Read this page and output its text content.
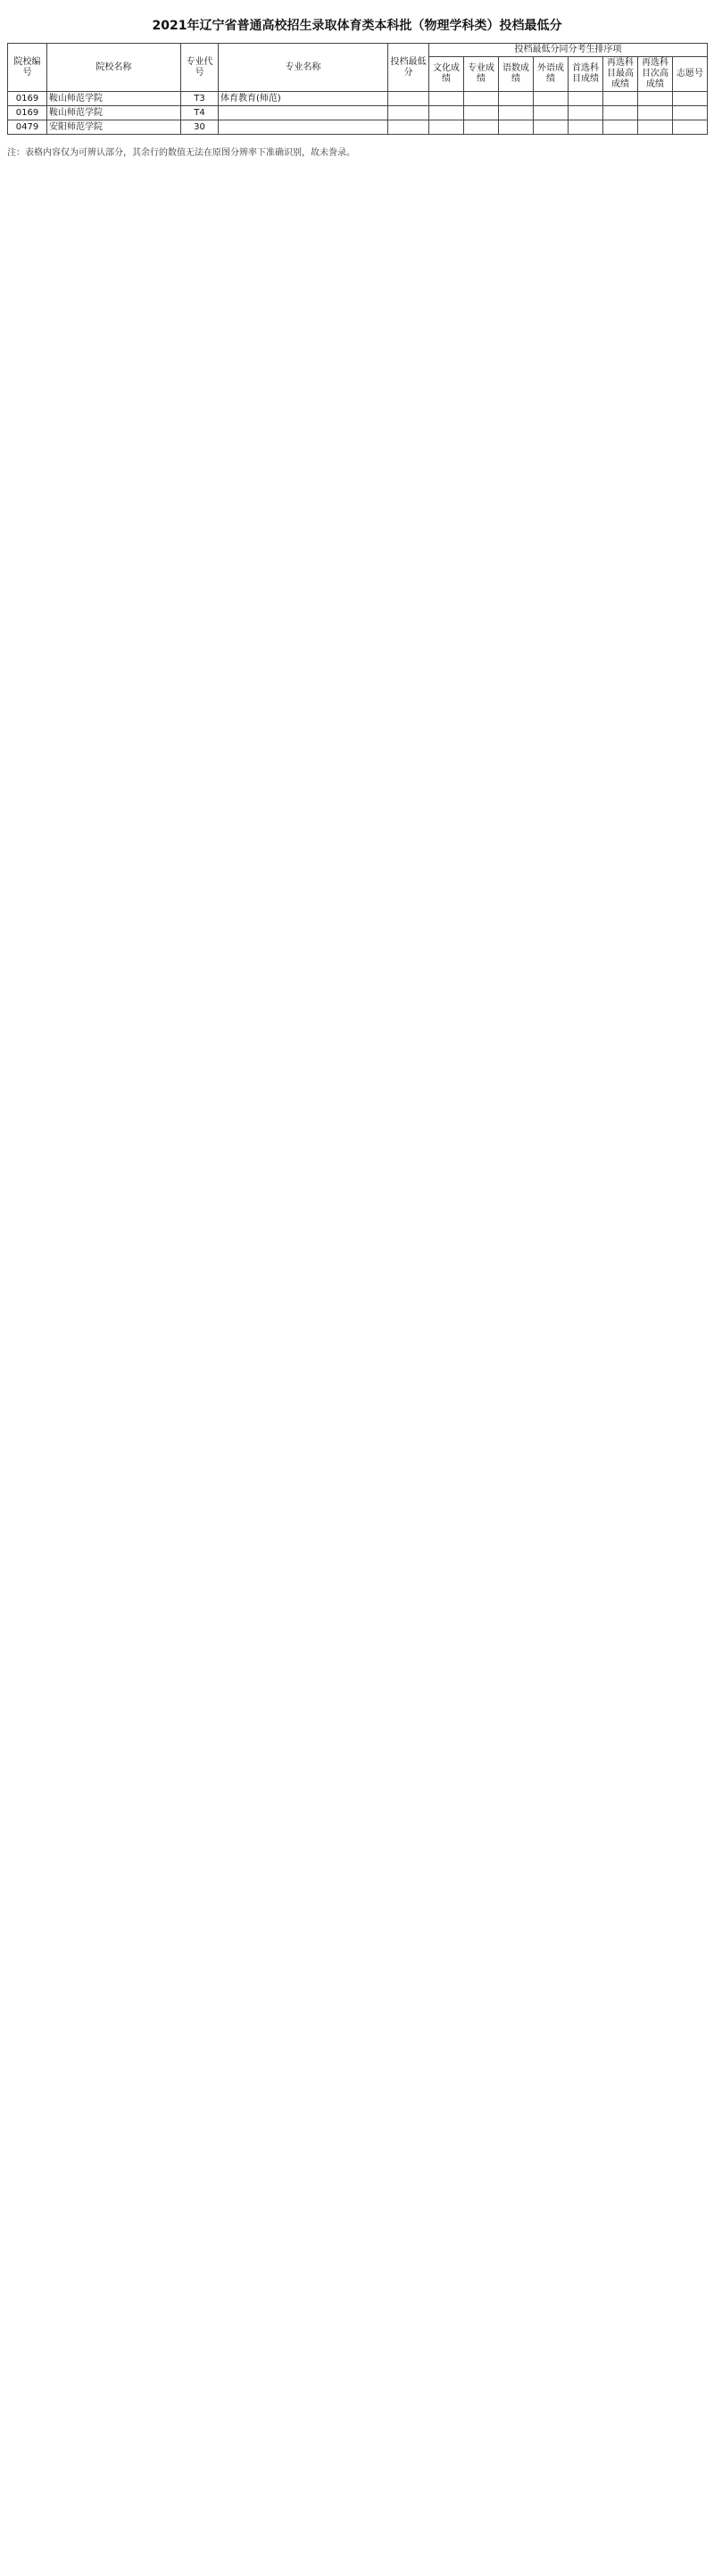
2021年辽宁省普通高校招生录取体育类本科批（物理学科类）投档最低分
院校编号	院校名称	专业代号	专业名称	投档最低分	投档最低分同分考生排序项							
					文化成绩	专业成绩	语数成绩	外语成绩	首选科目成绩	再选科目最高成绩	再选科目次高成绩	志愿号
0169	鞍山师范学院	T3	体育教育(师范)									
0169	鞍山师范学院	T4										
0479	安阳师范学院	30										
注：表格内容仅为可辨认部分，其余行的数值无法在原图分辨率下准确识别，故未誊录。
